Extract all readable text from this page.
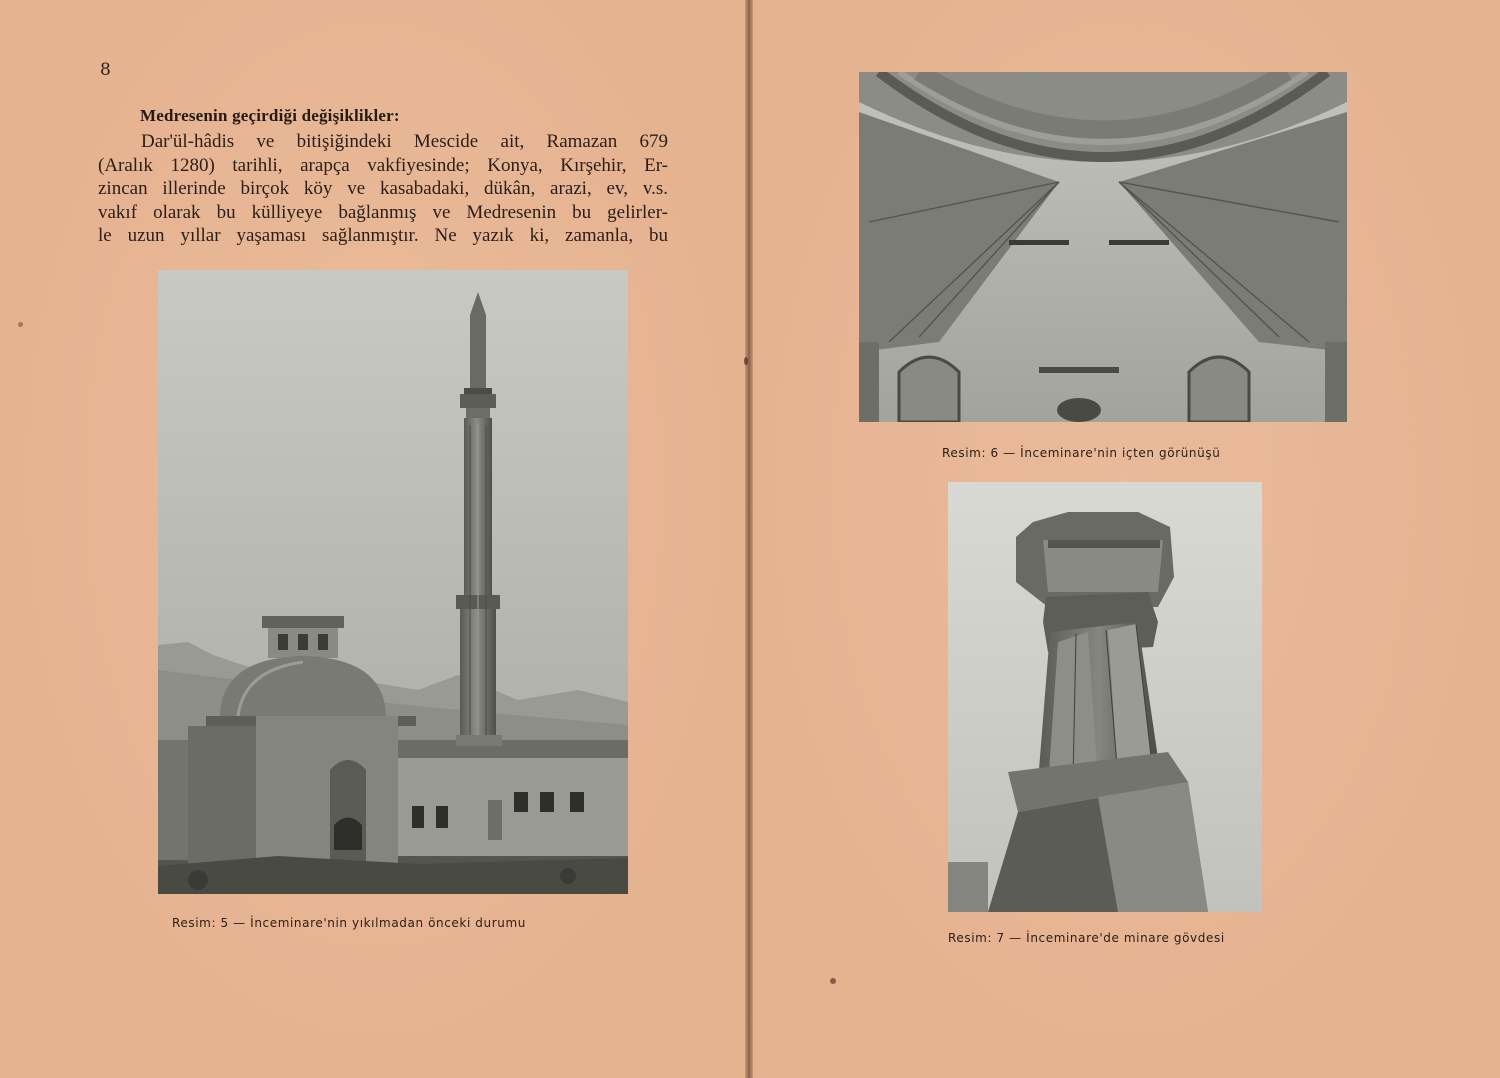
8
Medresenin geçirdiği değişiklikler:
Dar'ül-hâdis ve bitişiğindeki Mescide ait, Ramazan 679
(Aralık 1280) tarihli, arapça vakfiyesinde; Konya, Kırşehir, Er-
zincan illerinde birçok köy ve kasabadaki, dükân, arazi, ev, v.s.
vakıf olarak bu külliyeye bağlanmış ve Medresenin bu gelirler-
le uzun yıllar yaşaması sağlanmıştır. Ne yazık ki, zamanla, bu
Resim: 5 — İnceminare'nin yıkılmadan önceki durumu
Resim: 6 — İnceminare'nin içten görünüşü
Resim: 7 — İnceminare'de minare gövdesi
